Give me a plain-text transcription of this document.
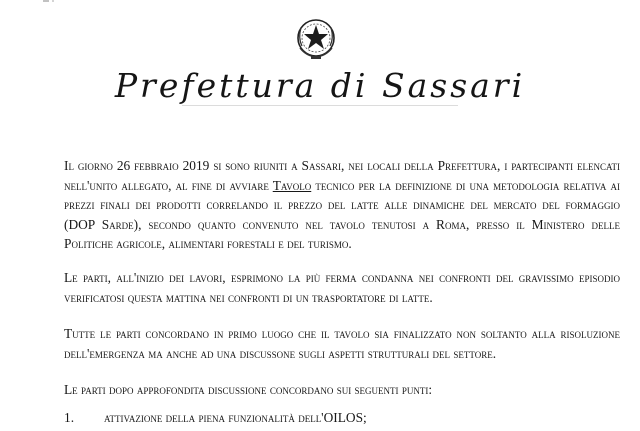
Prefettura di Sassari

Il giorno 26 febbraio 2019 si sono riuniti a Sassari, nei locali della Prefettura, i partecipanti elencati nell'unito allegato, al fine di avviare Tavolo tecnico per la definizione di una metodologia relativa ai prezzi finali dei prodotti correlando il prezzo del latte alle dinamiche del mercato del formaggio (DOP Sarde), secondo quanto convenuto nel tavolo tenutosi a Roma, presso il Ministero delle Politiche agricole, alimentari forestali e del turismo.

Le parti, all'inizio dei lavori, esprimono la più ferma condanna nei confronti del gravissimo episodio verificatosi questa mattina nei confronti di un trasportatore di latte.

Tutte le parti concordano in primo luogo che il tavolo sia finalizzato non soltanto alla risoluzione dell'emergenza ma anche ad una discussone sugli aspetti strutturali del settore.

Le parti dopo approfondita discussione concordano sui seguenti punti:

1. attivazione della piena funzionalità dell'OILOS;
